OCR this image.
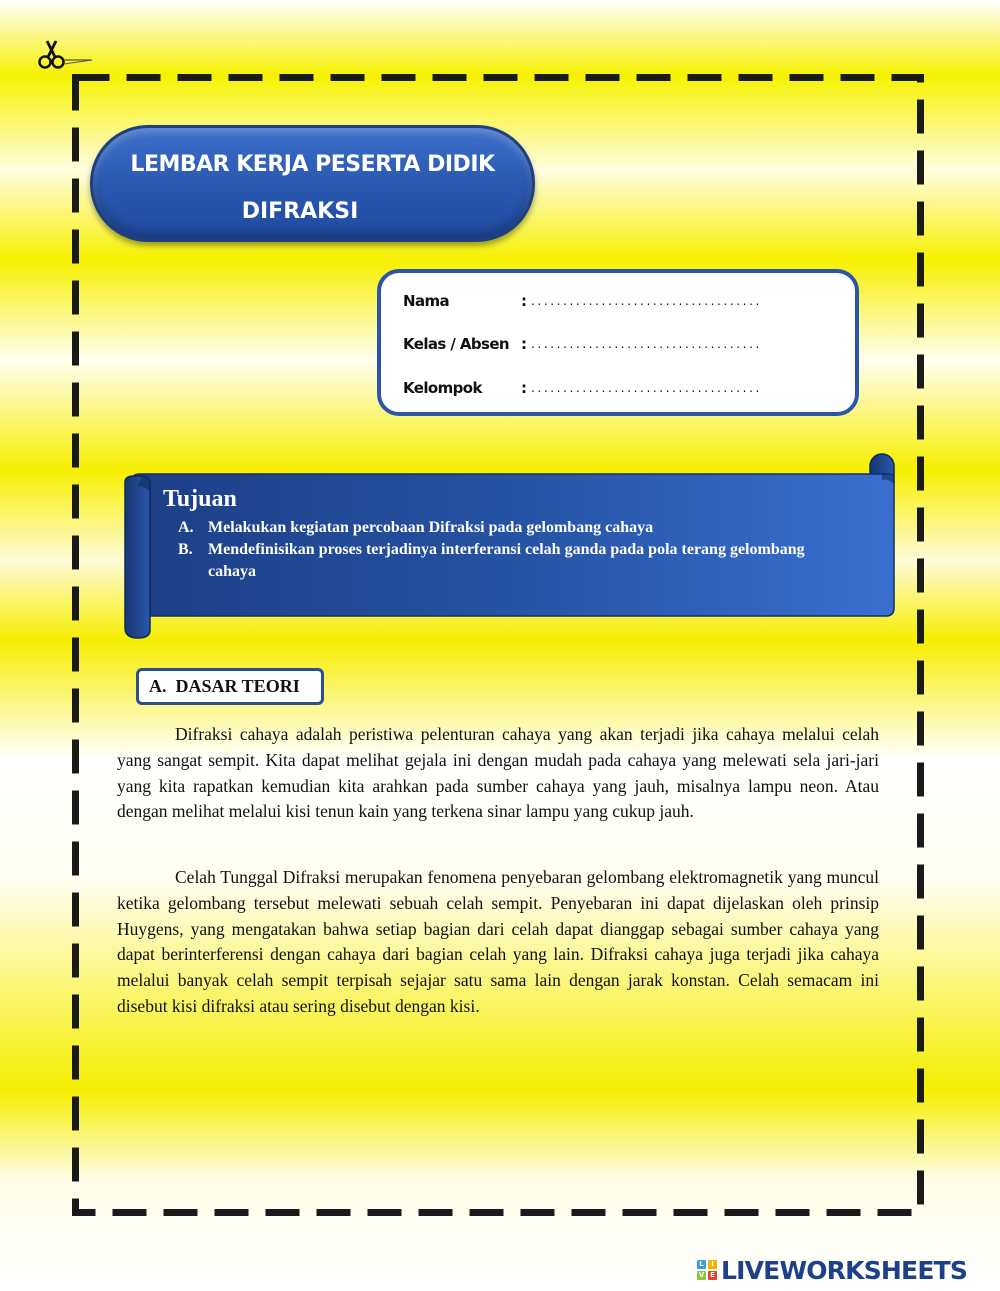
LEMBAR KERJA PESERTA DIDIK
DIFRAKSI
Nama	: ....................................
Kelas / Absen : ....................................
Kelompok	: ....................................
Tujuan
A. Melakukan kegiatan percobaan Difraksi pada gelombang cahaya
B. Mendefinisikan proses terjadinya interferansi celah ganda pada pola terang gelombang cahaya
A.  DASAR TEORI

Difraksi cahaya adalah peristiwa pelenturan cahaya yang akan terjadi jika cahaya melalui celah yang sangat sempit. Kita dapat melihat gejala ini dengan mudah pada cahaya yang melewati sela jari-jari yang kita rapatkan kemudian kita arahkan pada sumber cahaya yang jauh, misalnya lampu neon. Atau dengan melihat melalui kisi tenun kain yang terkena sinar lampu yang cukup jauh.

Celah Tunggal Difraksi merupakan fenomena penyebaran gelombang elektromagnetik yang muncul ketika gelombang tersebut melewati sebuah celah sempit. Penyebaran ini dapat dijelaskan oleh prinsip Huygens, yang mengatakan bahwa setiap bagian dari celah dapat dianggap sebagai sumber cahaya yang dapat berinterferensi dengan cahaya dari bagian celah yang lain. Difraksi cahaya juga terjadi jika cahaya melalui banyak celah sempit terpisah sejajar satu sama lain dengan jarak konstan. Celah semacam ini disebut kisi difraksi atau sering disebut dengan kisi.

L	I
V E LIVEWORKSHEETS
